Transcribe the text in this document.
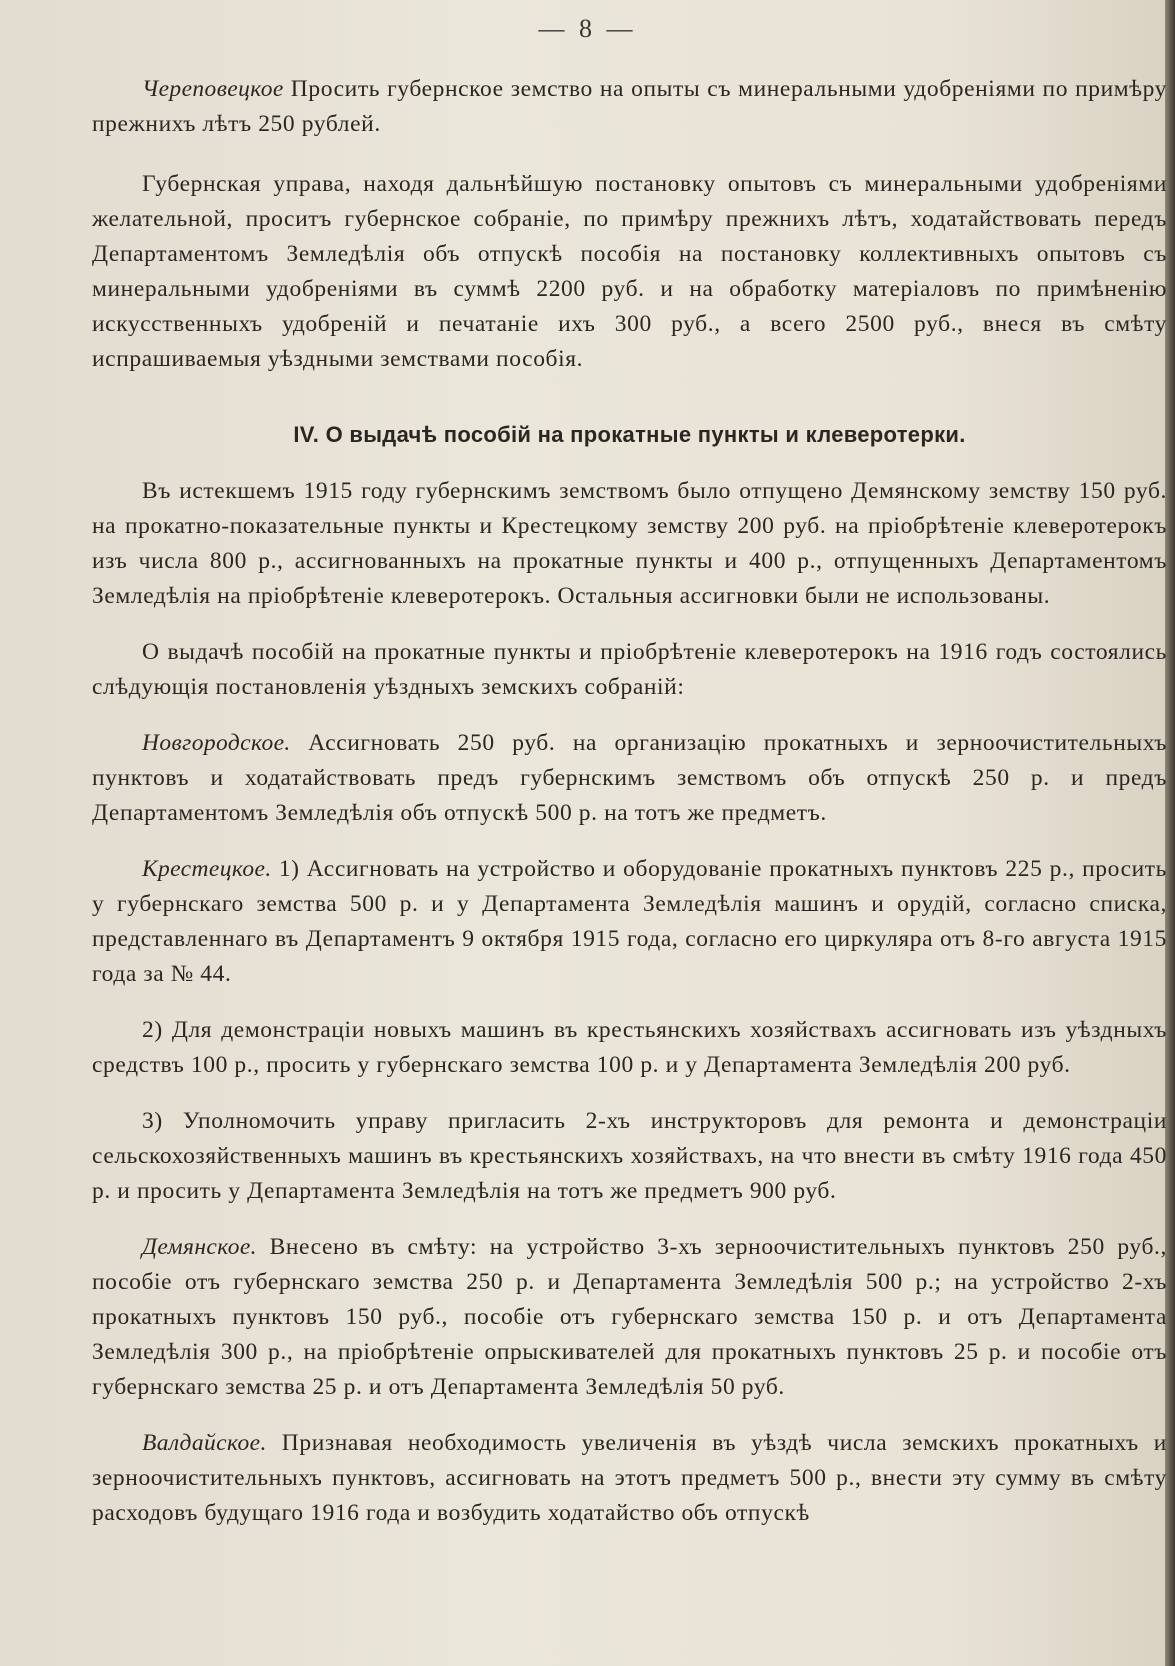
— 8 —

Череповецкое Просить губернское земство на опыты съ минеральными удобреніями по примѣру прежнихъ лѣтъ 250 рублей.

Губернская управа, находя дальнѣйшую постановку опытовъ съ минеральными удобреніями желательной, проситъ губернское собраніе, по примѣру прежнихъ лѣтъ, ходатайствовать передъ Департаментомъ Земледѣлія объ отпускѣ пособія на постановку коллективныхъ опытовъ съ минеральными удобреніями въ суммѣ 2200 руб. и на обработку матеріаловъ по примѣненію искусственныхъ удобреній и печатаніе ихъ 300 руб., а всего 2500 руб., внеся въ смѣту испрашиваемыя уѣздными земствами пособія.

IV. О выдачѣ пособій на прокатные пункты и клеверотерки.

Въ истекшемъ 1915 году губернскимъ земствомъ было отпущено Демянскому земству 150 руб. на прокатно-показательные пункты и Крестецкому земству 200 руб. на пріобрѣтеніе клеверотерокъ изъ числа 800 р., ассигнованныхъ на прокатные пункты и 400 р., отпущенныхъ Департаментомъ Земледѣлія на пріобрѣтеніе клеверотерокъ. Остальныя ассигновки были не использованы.

О выдачѣ пособій на прокатные пункты и пріобрѣтеніе клеверотерокъ на 1916 годъ состоялись слѣдующія постановленія уѣздныхъ земскихъ собраній:

Новгородское. Ассигновать 250 руб. на организацію прокатныхъ и зерноочистительныхъ пунктовъ и ходатайствовать предъ губернскимъ земствомъ объ отпускѣ 250 р. и предъ Департаментомъ Земледѣлія объ отпускѣ 500 р. на тотъ же предметъ.

Крестецкое. 1) Ассигновать на устройство и оборудованіе прокатныхъ пунктовъ 225 р., просить у губернскаго земства 500 р. и у Департамента Земледѣлія машинъ и орудій, согласно списка, представленнаго въ Департаментъ 9 октября 1915 года, согласно его циркуляра отъ 8-го августа 1915 года за № 44.

2) Для демонстраціи новыхъ машинъ въ крестьянскихъ хозяйствахъ ассигновать изъ уѣздныхъ средствъ 100 р., просить у губернскаго земства 100 р. и у Департамента Земледѣлія 200 руб.

3) Уполномочить управу пригласить 2-хъ инструкторовъ для ремонта и демонстраціи сельскохозяйственныхъ машинъ въ крестьянскихъ хозяйствахъ, на что внести въ смѣту 1916 года 450 р. и просить у Департамента Земледѣлія на тотъ же предметъ 900 руб.

Демянское. Внесено въ смѣту: на устройство 3-хъ зерноочистительныхъ пунктовъ 250 руб., пособіе отъ губернскаго земства 250 р. и Департамента Земледѣлія 500 р.; на устройство 2-хъ прокатныхъ пунктовъ 150 руб., пособіе отъ губернскаго земства 150 р. и отъ Департамента Земледѣлія 300 р., на пріобрѣтеніе опрыскивателей для прокатныхъ пунктовъ 25 р. и пособіе отъ губернскаго земства 25 р. и отъ Департамента Земледѣлія 50 руб.

Валдайское. Признавая необходимость увеличенія въ уѣздѣ числа земскихъ прокатныхъ и зерноочистительныхъ пунктовъ, ассигновать на этотъ предметъ 500 р., внести эту сумму въ смѣту расходовъ будущаго 1916 года и возбудить ходатайство объ отпускѣ
